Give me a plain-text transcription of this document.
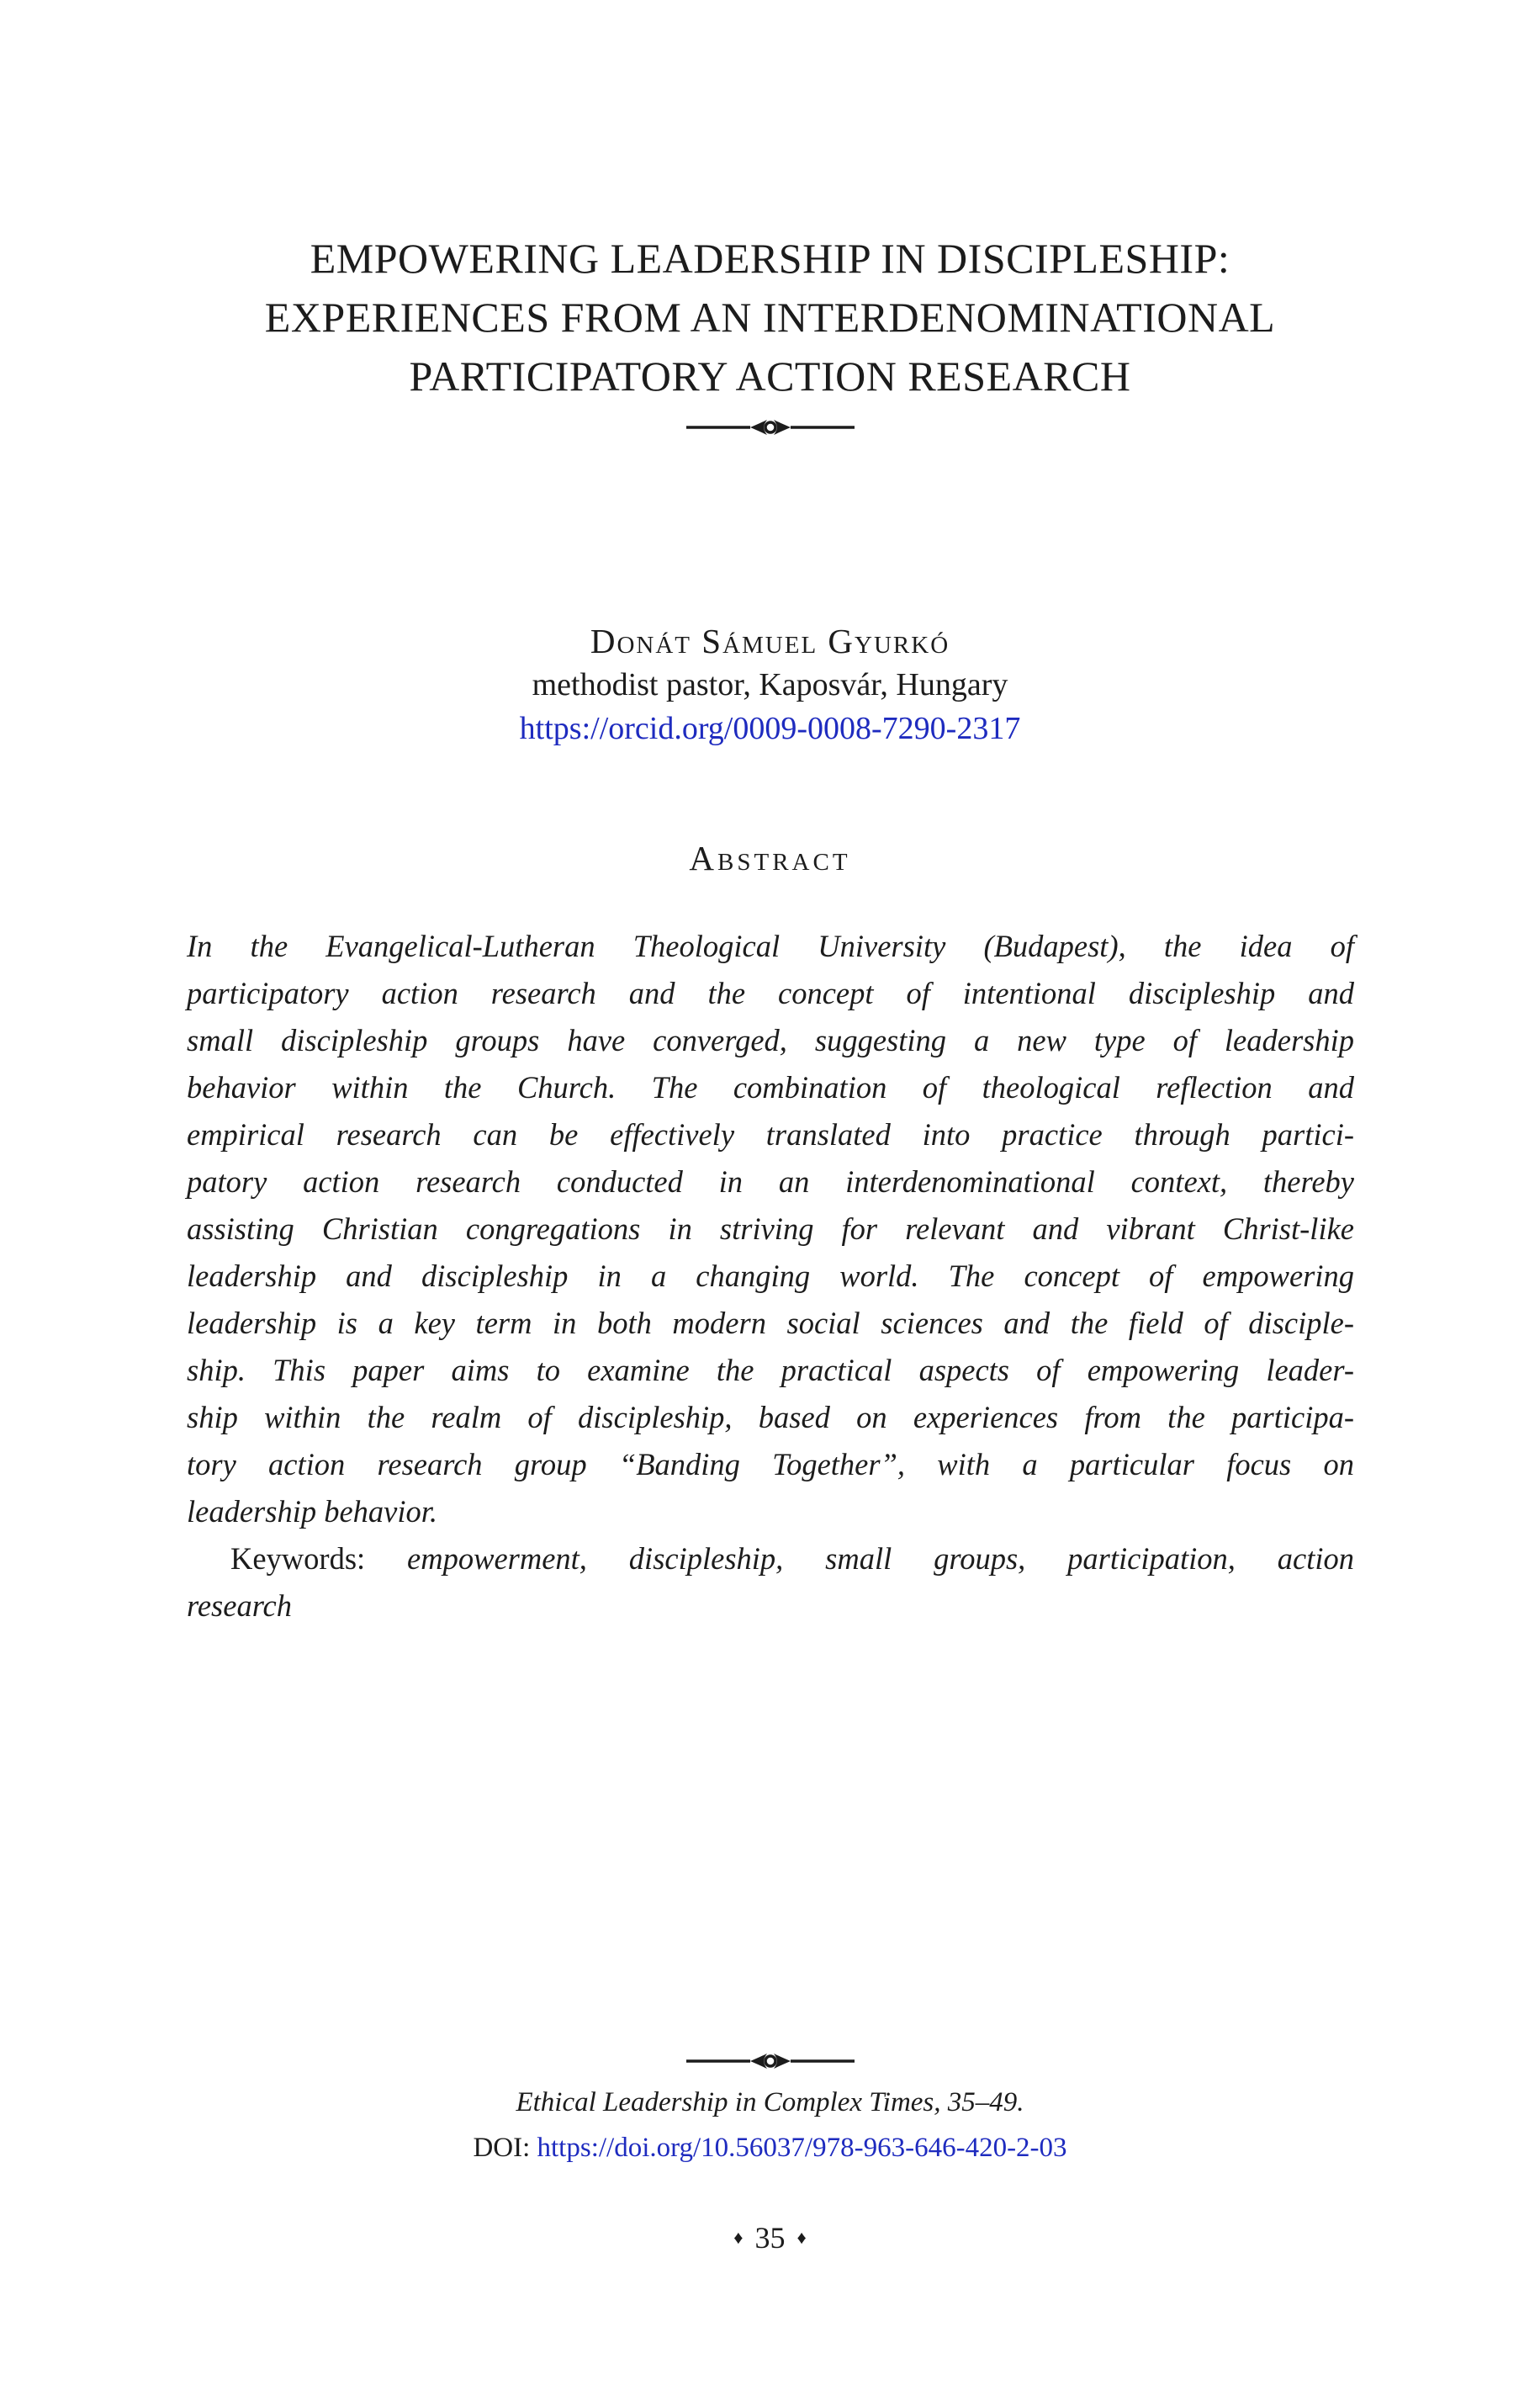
EMPOWERING LEADERSHIP IN DISCIPLESHIP:
EXPERIENCES FROM AN INTERDENOMINATIONAL
PARTICIPATORY ACTION RESEARCH
Donát Sámuel Gyurkó
methodist pastor, Kaposvár, Hungary
https://orcid.org/0009-0008-7290-2317
Abstract
In the Evangelical-Lutheran Theological University (Budapest), the idea of
participatory action research and the concept of intentional discipleship and
small discipleship groups have converged, suggesting a new type of leadership
behavior within the Church. The combination of theological reflection and
empirical research can be effectively translated into practice through partici-
patory action research conducted in an interdenominational context, thereby
assisting Christian congregations in striving for relevant and vibrant Christ-like
leadership and discipleship in a changing world. The concept of empowering
leadership is a key term in both modern social sciences and the field of disciple-
ship. This paper aims to examine the practical aspects of empowering leader-
ship within the realm of discipleship, based on experiences from the participa-
tory action research group “Banding Together”, with a particular focus on
leadership behavior.
Keywords: empowerment, discipleship, small groups, participation, action
research
Ethical Leadership in Complex Times, 35–49.
DOI: https://doi.org/10.56037/978-963-646-420-2-03
♦ 35 ♦
